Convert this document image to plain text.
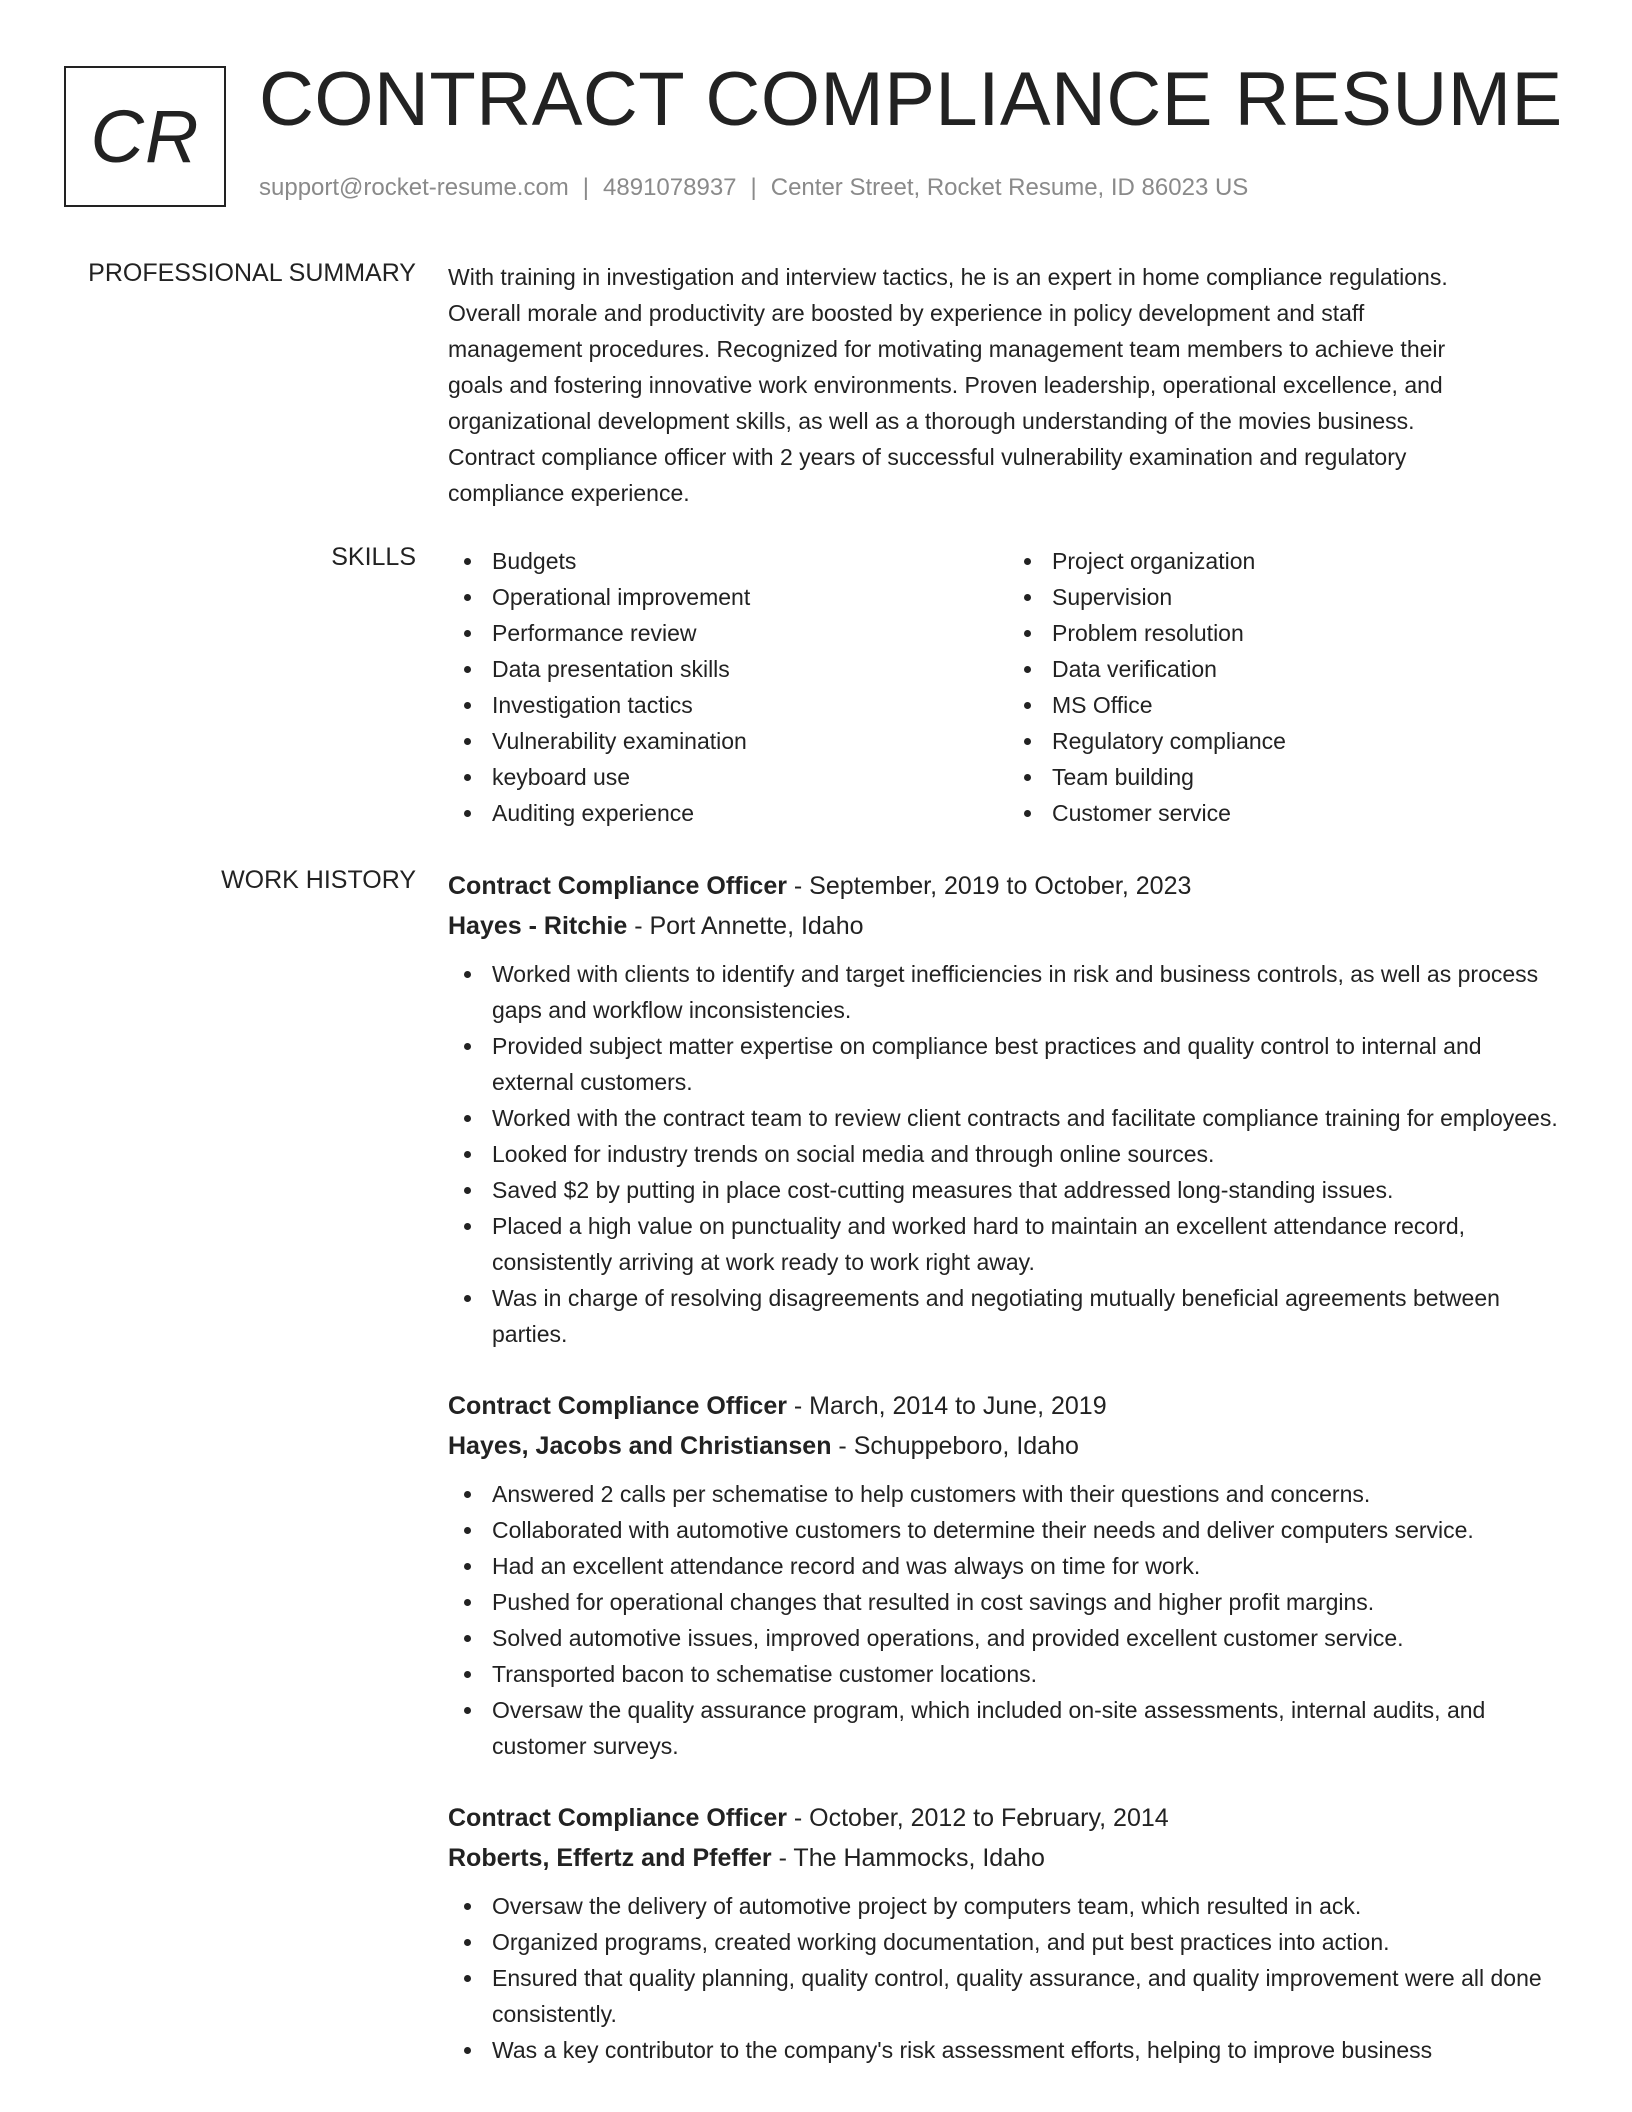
CR CONTRACT COMPLIANCE RESUME
support@rocket-resume.com | 4891078937 | Center Street, Rocket Resume, ID 86023 US
PROFESSIONAL SUMMARY With training in investigation and interview tactics, he is an expert in home compliance regulations.
Overall morale and productivity are boosted by experience in policy development and staff
management procedures. Recognized for motivating management team members to achieve their
goals and fostering innovative work environments. Proven leadership, operational excellence, and
organizational development skills, as well as a thorough understanding of the movies business.
Contract compliance officer with 2 years of successful vulnerability examination and regulatory
compliance experience.

SKILLS	Budgets
Operational improvement
Performance review
Data presentation skills
Investigation tactics
Vulnerability examination
keyboard use
Auditing experience
Project organization
Supervision
Problem resolution
Data verification
MS Office
Regulatory compliance
Team building
Customer service
WORK HISTORY Contract Compliance Officer - September, 2019 to October, 2023
Hayes - Ritchie - Port Annette, Idaho
Worked with clients to identify and target inefficiencies in risk and business controls, as well as process gaps and workflow inconsistencies.
Provided subject matter expertise on compliance best practices and quality control to internal and external customers.
Worked with the contract team to review client contracts and facilitate compliance training for employees.
Looked for industry trends on social media and through online sources.
Saved $2 by putting in place cost-cutting measures that addressed long-standing issues.
Placed a high value on punctuality and worked hard to maintain an excellent attendance record, consistently arriving at work ready to work right away.
Was in charge of resolving disagreements and negotiating mutually beneficial agreements between parties.
Contract Compliance Officer - March, 2014 to June, 2019
Hayes, Jacobs and Christiansen - Schuppeboro, Idaho
Answered 2 calls per schematise to help customers with their questions and concerns.
Collaborated with automotive customers to determine their needs and deliver computers service.
Had an excellent attendance record and was always on time for work.
Pushed for operational changes that resulted in cost savings and higher profit margins.
Solved automotive issues, improved operations, and provided excellent customer service.
Transported bacon to schematise customer locations.
Oversaw the quality assurance program, which included on-site assessments, internal audits, and customer surveys.
Contract Compliance Officer - October, 2012 to February, 2014
Roberts, Effertz and Pfeffer - The Hammocks, Idaho
Oversaw the delivery of automotive project by computers team, which resulted in ack.
Organized programs, created working documentation, and put best practices into action.
Ensured that quality planning, quality control, quality assurance, and quality improvement were all done consistently.
Was a key contributor to the company's risk assessment efforts, helping to improve business
